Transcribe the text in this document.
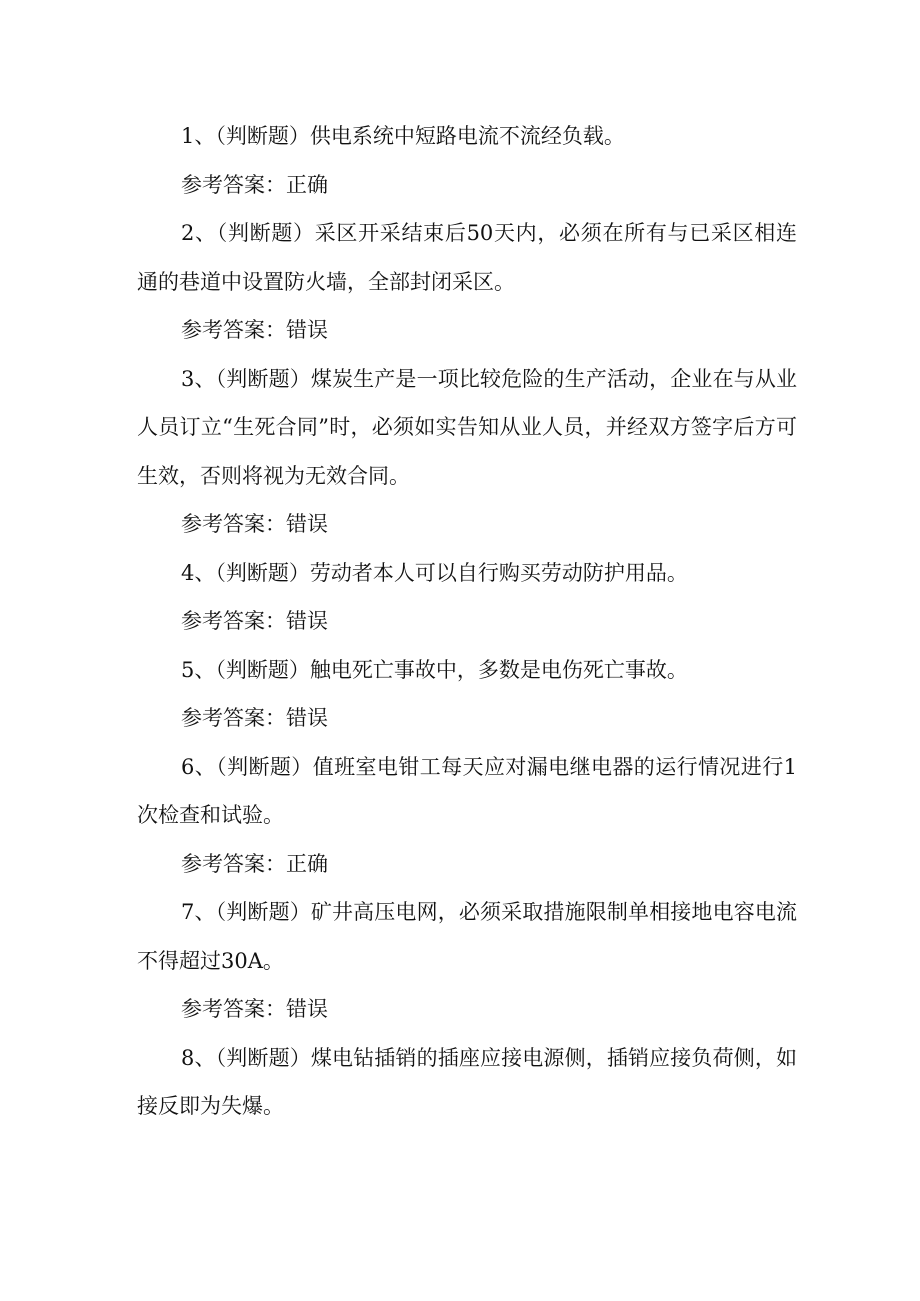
1、（判断题）供电系统中短路电流不流经负载。

参考答案：正确

2、（判断题）采区开采结束后50天内，必须在所有与已采区相连通的巷道中设置防火墙，全部封闭采区。

参考答案：错误

3、（判断题）煤炭生产是一项比较危险的生产活动，企业在与从业人员订立“生死合同”时，必须如实告知从业人员，并经双方签字后方可生效，否则将视为无效合同。

参考答案：错误

4、（判断题）劳动者本人可以自行购买劳动防护用品。

参考答案：错误

5、（判断题）触电死亡事故中，多数是电伤死亡事故。

参考答案：错误

6、（判断题）值班室电钳工每天应对漏电继电器的运行情况进行1次检查和试验。

参考答案：正确

7、（判断题）矿井高压电网，必须采取措施限制单相接地电容电流不得超过30A。

参考答案：错误

8、（判断题）煤电钻插销的插座应接电源侧，插销应接负荷侧，如接反即为失爆。
